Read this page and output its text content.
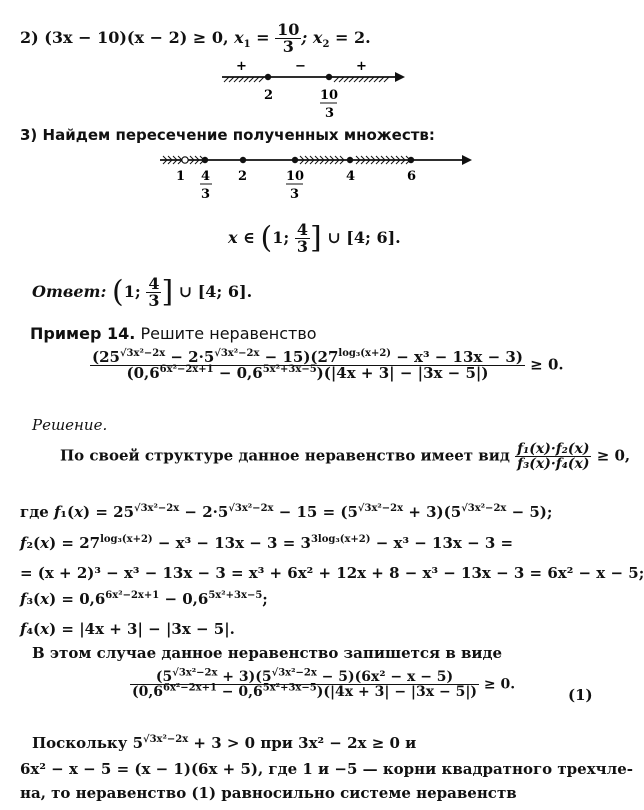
2) (3x − 10)(x − 2) ≥ 0, $x_1 = \frac{10}{3}$ ; $x_2 = 2$.
+	−	+
2	10
3
3) Найдем пересечение полученных множеств:
1 4
3
2	10
3
4	6
x ∈ (1; $\frac{4}{3}$ ] ∪ [4; 6].
Ответ: (1; $\frac{4}{3}$ ] ∪ [4; 6].
Пример 14. Решите неравенство
$\frac{(25^{√3x^2-2x} - 2\cdot 5^{√3x^2-2x} - 15)(27^{log_3(x+2)} - x^3 - 13x - 3)}{(0,6^{6x^2-2x+1} - 0,6^{5x^2+3x-5})(|4x + 3| - |3x - 5|)} \ge 0$.
Решение.
По своей структуре данное неравенство имеет вид $\frac{\text{f₁(x)·f₂(x)}}{\text{f₃(x)·f₄(x)}} \ge 0$,
где $f_1(x) = 25^{√3x^2-2x} - 2\cdot 5^{√3x^2-2x} - 15 = (5^{√3x^2-2x} + 3)(5^{√3x^2-2x} - 5)$;
$f_2(x) = 27^{log_3(x+2)} - x^3 - 13x - 3 = 3^{3log_3(x+2)} - x^3 - 13x - 3$ =
= (x + 2)³ − x³ − 13x − 3 = x³ + 6x² + 12x + 8 − x³ − 13x − 3 = 6x² − x − 5;
$f_3(x) = 0,6^{6x^2-2x+1} - 0,6^{5x^2+3x-5}$;
f₄(x) = |4x + 3| − |3x − 5|.
В этом случае данное неравенство запишется в виде
$\frac{(5^{√3x^2-2x} + 3)(5^{√3x^2-2x} - 5)(6x^2 - x - 5)}{(0,6^{6x^2-2x+1} - 0,6^{5x^2+3x-5})(|4x + 3| - |3x - 5|)} \ge 0$.
(1)
Поскольку $5^{√3x^2-2x} + 3 > 0$ при 3x² − 2x ≥ 0 и
6x² − x − 5 = (x − 1)(6x + 5), где 1 и −5 — корни квадратного трехчле-
на, то неравенство (1) равносильно системе неравенств
